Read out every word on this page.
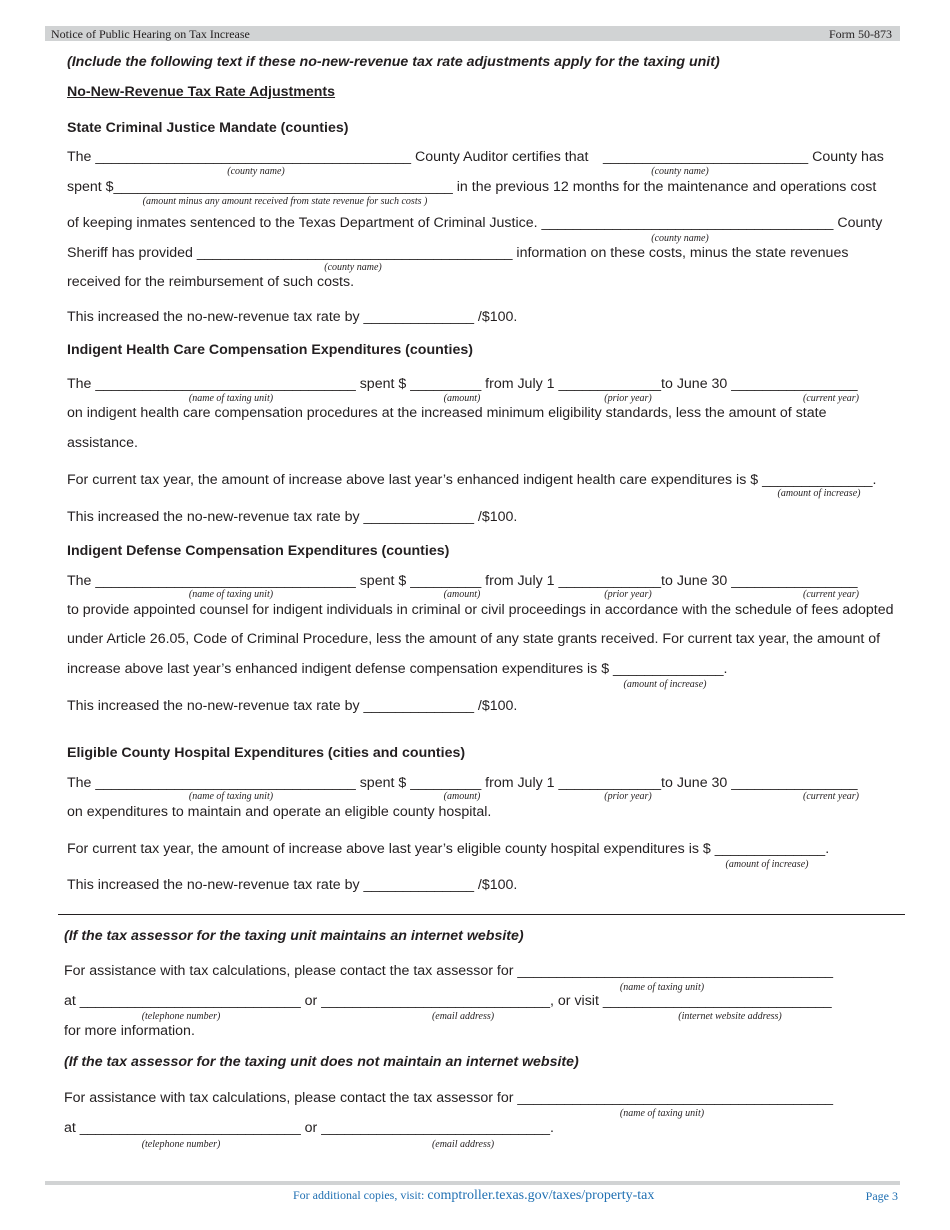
Notice of Public Hearing on Tax Increase	Form 50-873
(Include the following text if these no-new-revenue tax rate adjustments apply for the taxing unit)
No-New-Revenue Tax Rate Adjustments
State Criminal Justice Mandate (counties)
The ________________________________________ County Auditor certifies that __________________________ County has
(county name)	(county name)
spent $___________________________________________ in the previous 12 months for the maintenance and operations cost
(amount minus any amount received from state revenue for such costs )
of keeping inmates sentenced to the Texas Department of Criminal Justice. _____________________________________ County
(county name)
Sheriff has provided ________________________________________ information on these costs, minus the state revenues
(county name)
received for the reimbursement of such costs.
This increased the no-new-revenue tax rate by ______________ /$100.
Indigent Health Care Compensation Expenditures (counties)
The _________________________________ spent $ _________ from July 1 _____________to June 30 ________________
(name of taxing unit)	(amount)	(prior year)	(current year)
on indigent health care compensation procedures at the increased minimum eligibility standards, less the amount of state
assistance.
For current tax year, the amount of increase above last year’s enhanced indigent health care expenditures is $ ______________.
(amount of increase)
This increased the no-new-revenue tax rate by ______________ /$100.
Indigent Defense Compensation Expenditures (counties)
The _________________________________ spent $ _________ from July 1 _____________to June 30 ________________
(name of taxing unit)	(amount)	(prior year)	(current year)
to provide appointed counsel for indigent individuals in criminal or civil proceedings in accordance with the schedule of fees adopted
under Article 26.05, Code of Criminal Procedure, less the amount of any state grants received. For current tax year, the amount of
increase above last year’s enhanced indigent defense compensation expenditures is $ ______________.
(amount of increase)
This increased the no-new-revenue tax rate by ______________ /$100.
Eligible County Hospital Expenditures (cities and counties)
The _________________________________ spent $ _________ from July 1 _____________to June 30 ________________
(name of taxing unit)	(amount)	(prior year)	(current year)
on expenditures to maintain and operate an eligible county hospital.
For current tax year, the amount of increase above last year’s eligible county hospital expenditures is $ ______________.
(amount of increase)
This increased the no-new-revenue tax rate by ______________ /$100.
(If the tax assessor for the taxing unit maintains an internet website)
For assistance with tax calculations, please contact the tax assessor for ________________________________________
(name of taxing unit)
at ____________________________ or _____________________________, or visit _____________________________
(telephone number)	(email address)	(internet website address)
for more information.
(If the tax assessor for the taxing unit does not maintain an internet website)
For assistance with tax calculations, please contact the tax assessor for ________________________________________
(name of taxing unit)
at ____________________________ or _____________________________.
(telephone number)	(email address)
For additional copies, visit: comptroller.texas.gov/taxes/property-tax	Page 3
